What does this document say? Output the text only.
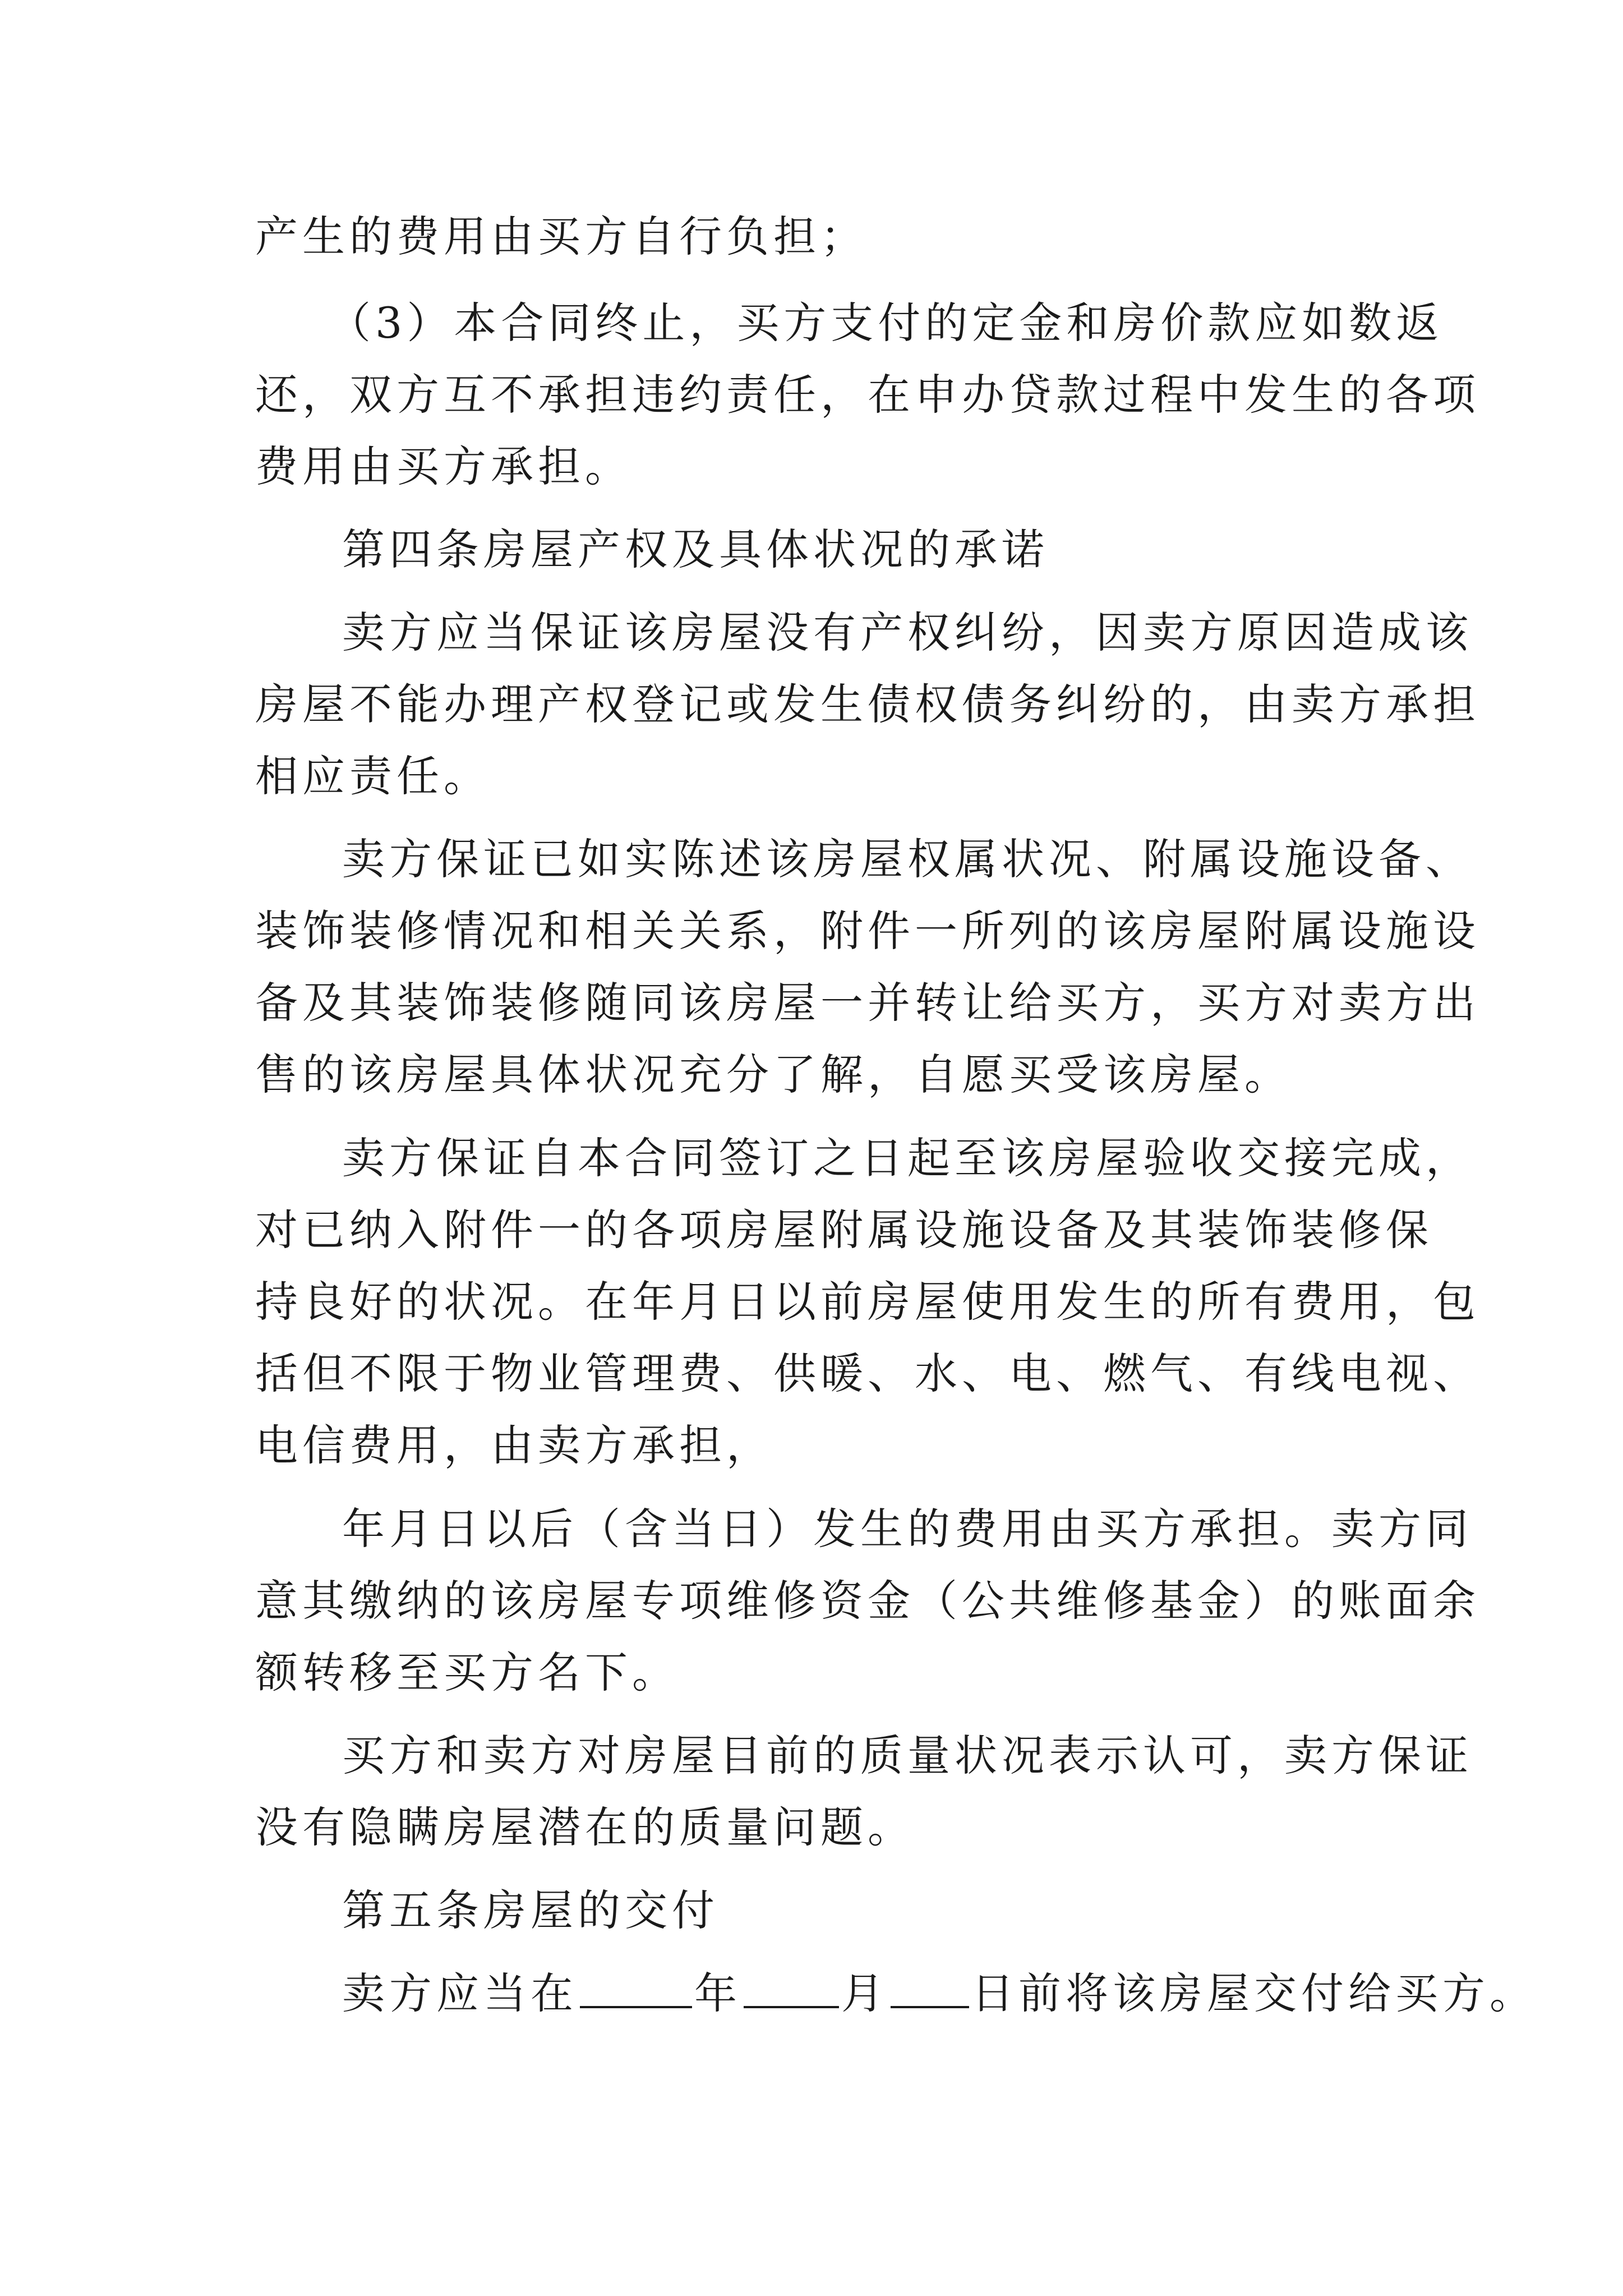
产生的费用由买方自行负担；
（3）本合同终止，买方支付的定金和房价款应如数返
还，双方互不承担违约责任，在申办贷款过程中发生的各项
费用由买方承担。
第四条房屋产权及具体状况的承诺
卖方应当保证该房屋没有产权纠纷，因卖方原因造成该
房屋不能办理产权登记或发生债权债务纠纷的，由卖方承担
相应责任。
卖方保证已如实陈述该房屋权属状况、附属设施设备、
装饰装修情况和相关关系，附件一所列的该房屋附属设施设
备及其装饰装修随同该房屋一并转让给买方，买方对卖方出
售的该房屋具体状况充分了解，自愿买受该房屋。
卖方保证自本合同签订之日起至该房屋验收交接完成，
对已纳入附件一的各项房屋附属设施设备及其装饰装修保
持良好的状况。在年月日以前房屋使用发生的所有费用，包
括但不限于物业管理费、供暖、水、电、燃气、有线电视、
电信费用，由卖方承担，
年月日以后（含当日）发生的费用由买方承担。卖方同
意其缴纳的该房屋专项维修资金（公共维修基金）的账面余
额转移至买方名下。
买方和卖方对房屋目前的质量状况表示认可，卖方保证
没有隐瞒房屋潜在的质量问题。
第五条房屋的交付
卖方应当在	年 月 日前将该房屋交付给买方。
